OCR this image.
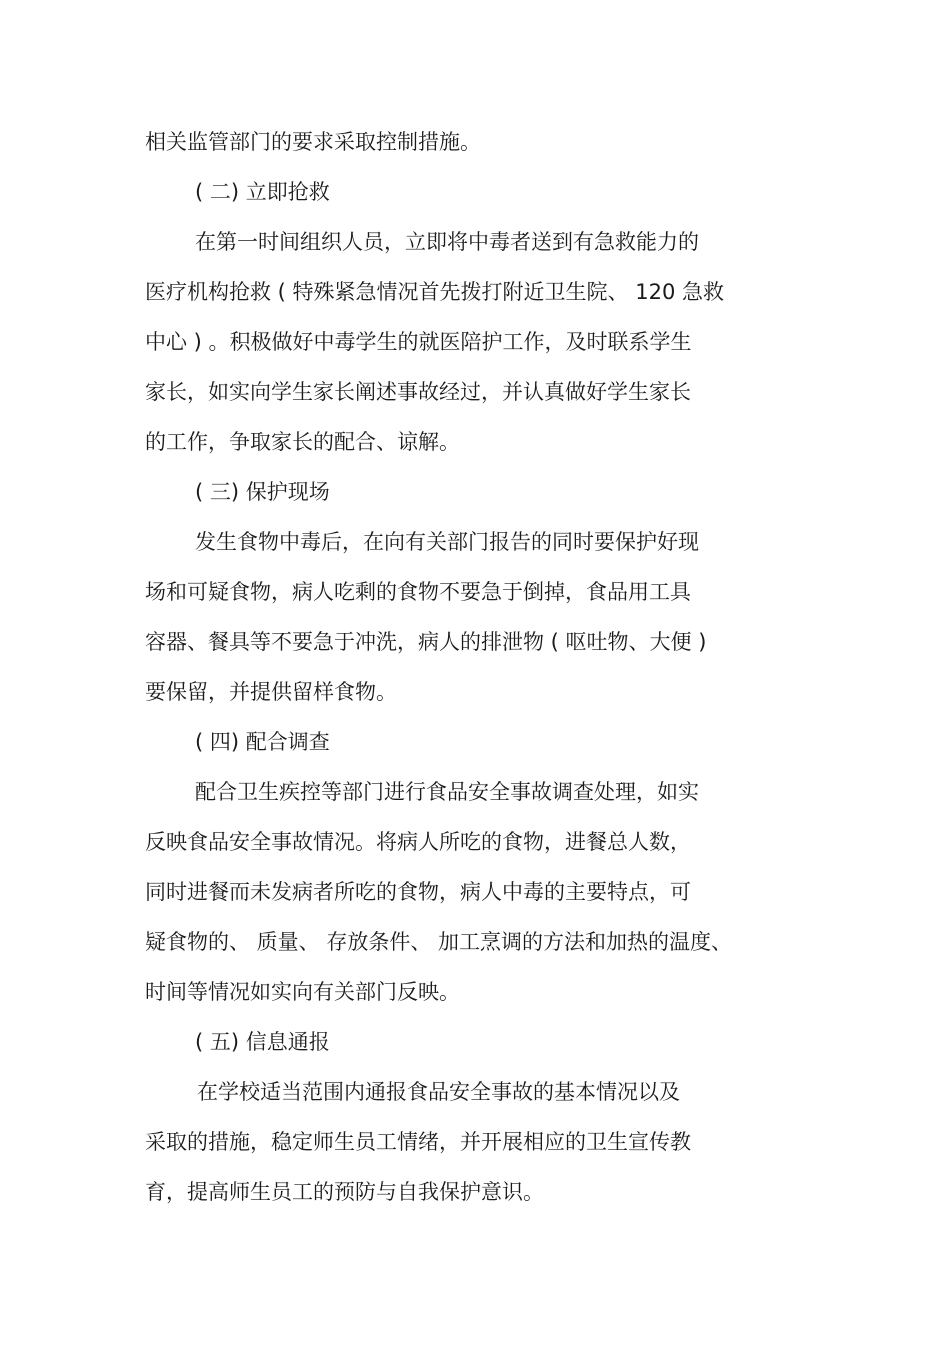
相关监管部门的要求采取控制措施。
( 二) 立即抢救
在第一时间组织人员，立即将中毒者送到有急救能力的
医疗机构抢救 ( 特殊紧急情况首先拨打附近卫生院、 120 急救
中心 ) 。积极做好中毒学生的就医陪护工作，及时联系学生
家长，如实向学生家长阐述事故经过，并认真做好学生家长
的工作，争取家长的配合、谅解。
( 三) 保护现场
发生食物中毒后，在向有关部门报告的同时要保护好现
场和可疑食物，病人吃剩的食物不要急于倒掉，食品用工具
容器、餐具等不要急于冲洗，病人的排泄物 ( 呕吐物、大便 )
要保留，并提供留样食物。
( 四) 配合调查
配合卫生疾控等部门进行食品安全事故调查处理，如实
反映食品安全事故情况。将病人所吃的食物，进餐总人数，
同时进餐而未发病者所吃的食物，病人中毒的主要特点，可
疑食物的、 质量、 存放条件、 加工烹调的方法和加热的温度、
时间等情况如实向有关部门反映。
( 五) 信息通报
在学校适当范围内通报食品安全事故的基本情况以及
采取的措施，稳定师生员工情绪，并开展相应的卫生宣传教
育，提高师生员工的预防与自我保护意识。
